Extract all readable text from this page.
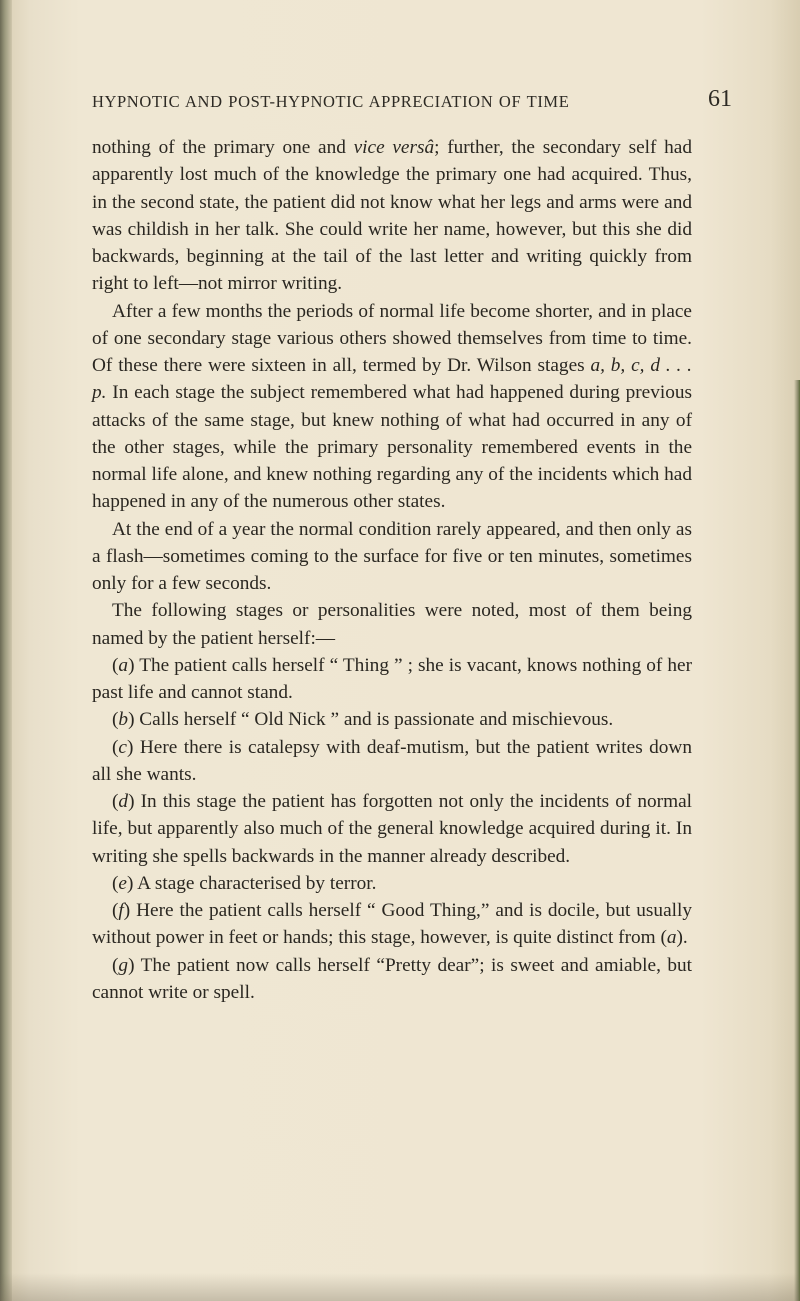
HYPNOTIC AND POST-HYPNOTIC APPRECIATION OF TIME	61

nothing of the primary one and vice versâ; further, the secondary self had apparently lost much of the knowledge the primary one had acquired. Thus, in the second state, the patient did not know what her legs and arms were and was childish in her talk. She could write her name, however, but this she did backwards, beginning at the tail of the last letter and writing quickly from right to left—not mirror writing.

After a few months the periods of normal life become shorter, and in place of one secondary stage various others showed themselves from time to time. Of these there were sixteen in all, termed by Dr. Wilson stages a, b, c, d . . . p. In each stage the subject remembered what had happened during previous attacks of the same stage, but knew nothing of what had occurred in any of the other stages, while the primary personality remembered events in the normal life alone, and knew nothing regarding any of the incidents which had happened in any of the numerous other states.

At the end of a year the normal condition rarely appeared, and then only as a flash—sometimes coming to the surface for five or ten minutes, sometimes only for a few seconds.

The following stages or personalities were noted, most of them being named by the patient herself:—

(a) The patient calls herself “ Thing ” ; she is vacant, knows nothing of her past life and cannot stand.

(b) Calls herself “ Old Nick ” and is passionate and mischievous.

(c) Here there is catalepsy with deaf-mutism, but the patient writes down all she wants.

(d) In this stage the patient has forgotten not only the incidents of normal life, but apparently also much of the general knowledge acquired during it. In writing she spells backwards in the manner already described.

(e) A stage characterised by terror.

(f) Here the patient calls herself “ Good Thing,” and is docile, but usually without power in feet or hands; this stage, however, is quite distinct from (a).

(g) The patient now calls herself “Pretty dear”; is sweet and amiable, but cannot write or spell.
